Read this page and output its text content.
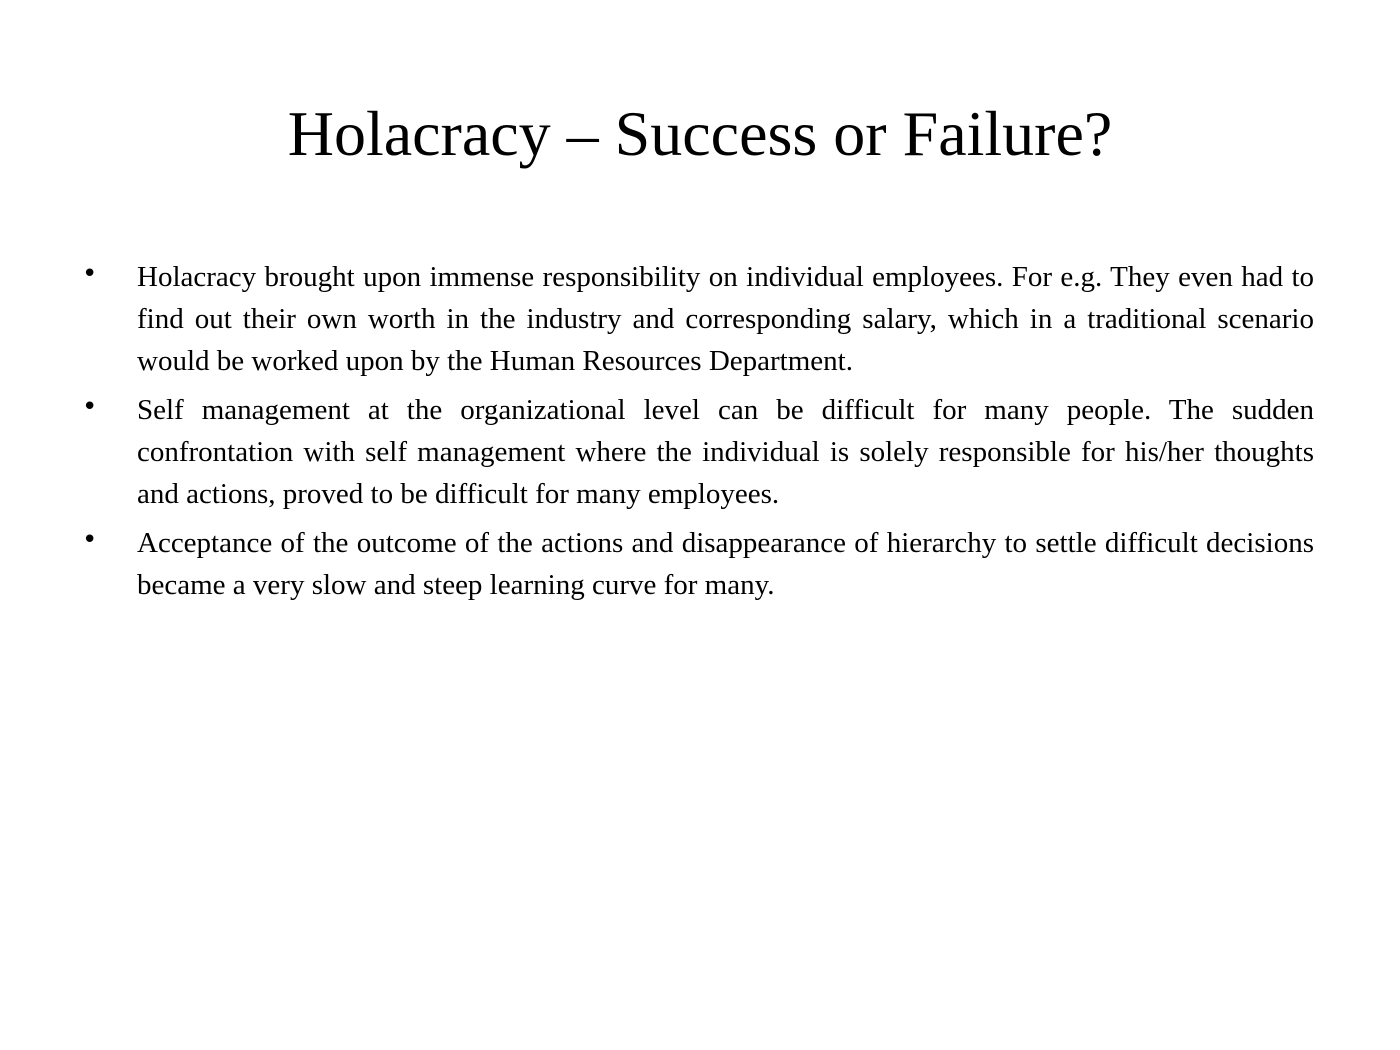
Holacracy – Success or Failure?
• Holacracy brought upon immense responsibility on individual employees. For e.g. They even had to find out their own worth in the industry and corresponding salary, which in a traditional scenario would be worked upon by the Human Resources Department.
• Self management at the organizational level can be difficult for many people. The sudden confrontation with self management where the individual is solely responsible for his/her thoughts and actions, proved to be difficult for many employees.
• Acceptance of the outcome of the actions and disappearance of hierarchy to settle difficult decisions became a very slow and steep learning curve for many.
